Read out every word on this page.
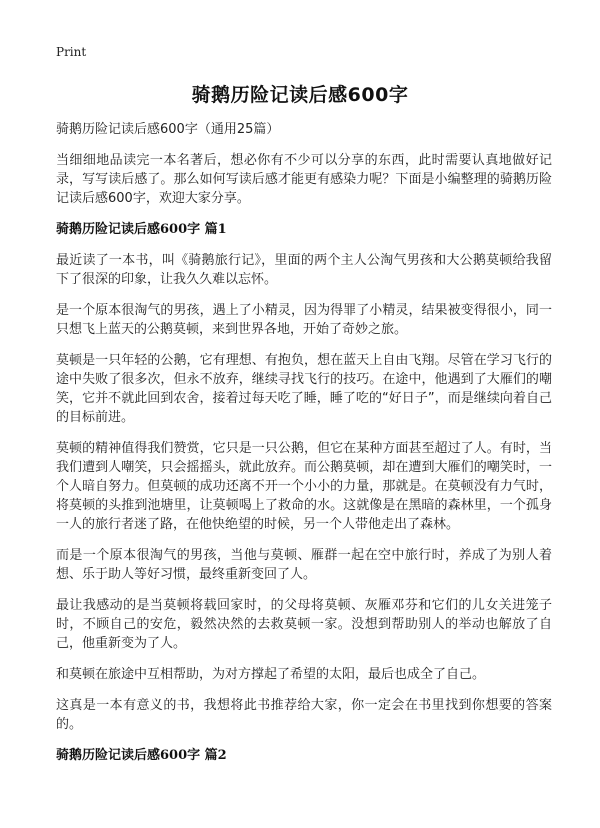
Print
骑鹅历险记读后感600字

骑鹅历险记读后感600字（通用25篇）

当细细地品读完一本名著后，想必你有不少可以分享的东西，此时需要认真地做好记录，写写读后感了。那么如何写读后感才能更有感染力呢？下面是小编整理的骑鹅历险记读后感600字，欢迎大家分享。

骑鹅历险记读后感600字 篇1

最近读了一本书，叫《骑鹅旅行记》，里面的两个主人公淘气男孩和大公鹅莫顿给我留下了很深的印象，让我久久难以忘怀。

是一个原本很淘气的男孩，遇上了小精灵，因为得罪了小精灵，结果被变得很小，同一只想飞上蓝天的公鹅莫顿，来到世界各地，开始了奇妙之旅。

莫顿是一只年轻的公鹅，它有理想、有抱负，想在蓝天上自由飞翔。尽管在学习飞行的途中失败了很多次，但永不放弃，继续寻找飞行的技巧。在途中，他遇到了大雁们的嘲笑，它并不就此回到农舍，接着过每天吃了睡，睡了吃的“好日子”，而是继续向着自己的目标前进。

莫顿的精神值得我们赞赏，它只是一只公鹅，但它在某种方面甚至超过了人。有时，当我们遭到人嘲笑，只会摇摇头，就此放弃。而公鹅莫顿，却在遭到大雁们的嘲笑时，一个人暗自努力。但莫顿的成功还离不开一个小小的力量，那就是。在莫顿没有力气时，将莫顿的头推到池塘里，让莫顿喝上了救命的水。这就像是在黑暗的森林里，一个孤身一人的旅行者迷了路，在他快绝望的时候，另一个人带他走出了森林。

而是一个原本很淘气的男孩，当他与莫顿、雁群一起在空中旅行时，养成了为别人着想、乐于助人等好习惯，最终重新变回了人。

最让我感动的是当莫顿将载回家时，的父母将莫顿、灰雁邓芬和它们的儿女关进笼子时，不顾自己的安危，毅然决然的去救莫顿一家。没想到帮助别人的举动也解放了自己，他重新变为了人。

和莫顿在旅途中互相帮助，为对方撑起了希望的太阳，最后也成全了自己。

这真是一本有意义的书，我想将此书推荐给大家，你一定会在书里找到你想要的答案的。

骑鹅历险记读后感600字 篇2
